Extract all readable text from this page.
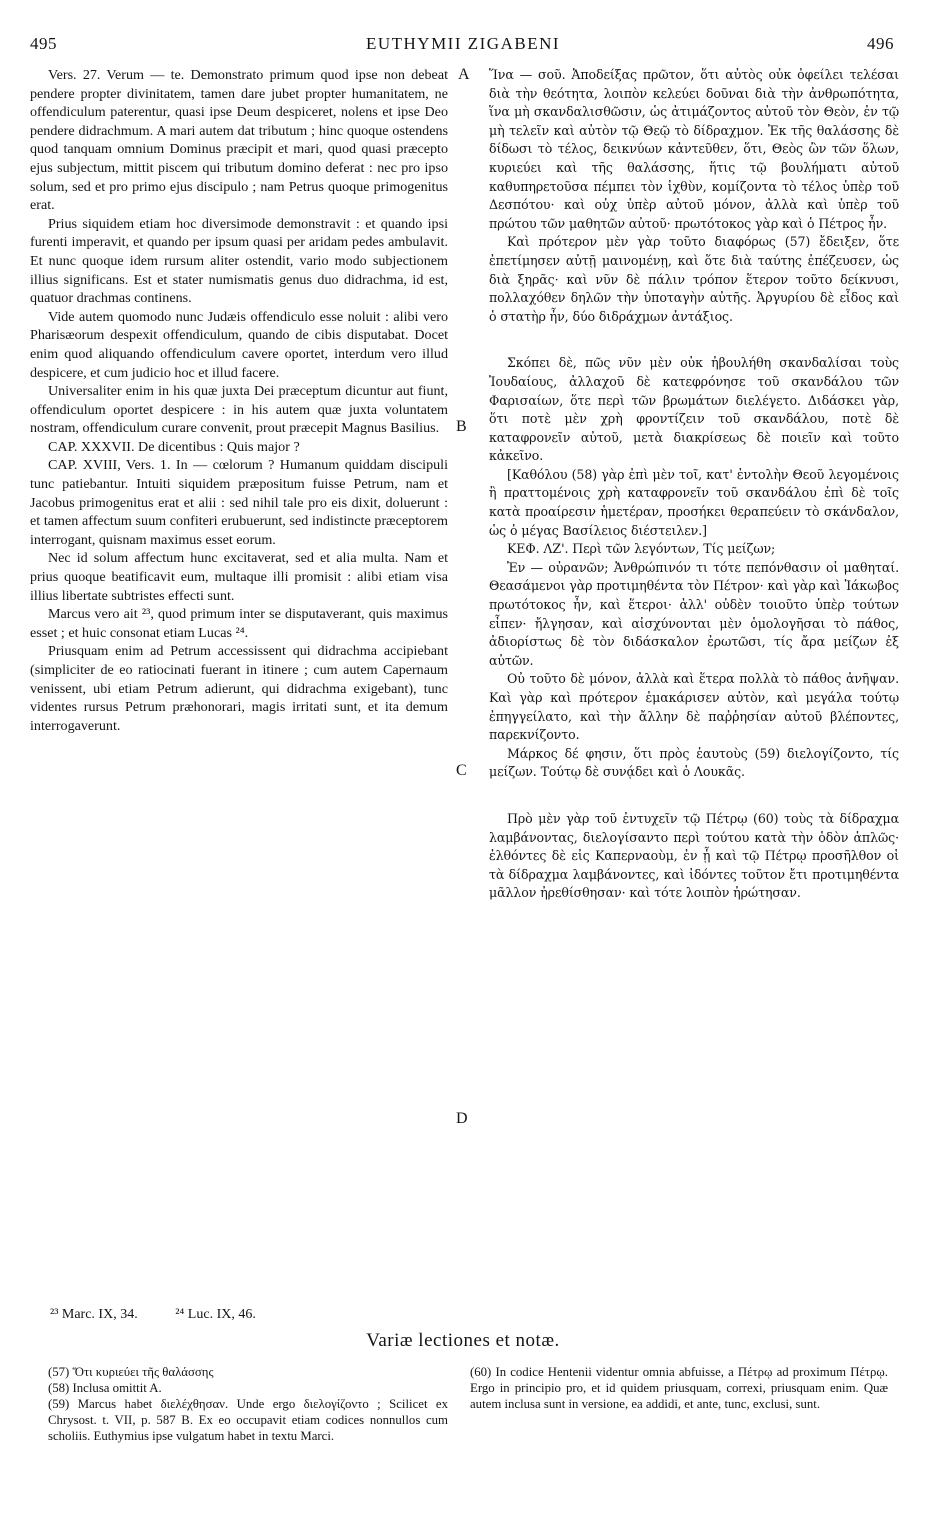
495	EUTHYMII ZIGABENI	496

Vers. 27. Verum — te. Demonstrato primum quod ipse non debeat pendere propter divinitatem, tamen dare jubet propter humanitatem, ne offendiculum paterentur, quasi ipse Deum despiceret, nolens et ipse Deo pendere didrachmum. A mari autem dat tributum ; hinc quoque ostendens quod tanquam omnium Dominus præcipit et mari, quod quasi præcepto ejus subjectum, mittit piscem qui tributum domino deferat : nec pro ipso solum, sed et pro primo ejus discipulo ; nam Petrus quoque primogenitus erat.

Prius siquidem etiam hoc diversimode demonstravit : et quando ipsi furenti imperavit, et quando per ipsum quasi per aridam pedes ambulavit. Et nunc quoque idem rursum aliter ostendit, vario modo subjectionem illius significans. Est et stater numismatis genus duo didrachma, id est, quatuor drachmas continens.

Vide autem quomodo nunc Judæis offendiculo esse noluit : alibi vero Pharisæorum despexit offendiculum, quando de cibis disputabat. Docet enim quod aliquando offendiculum cavere oportet, interdum vero illud despicere, et cum judicio hoc et illud facere.

Universaliter enim in his quæ juxta Dei præceptum dicuntur aut fiunt, offendiculum oportet despicere : in his autem quæ juxta voluntatem nostram, offendiculum curare convenit, prout præcepit Magnus Basilius.

CAP. XXXVII. De dicentibus : Quis major ?

CAP. XVIII, Vers. 1. In — cœlorum ? Humanum quiddam discipuli tunc patiebantur. Intuiti siquidem præpositum fuisse Petrum, nam et Jacobus primogenitus erat et alii : sed nihil tale pro eis dixit, doluerunt : et tamen affectum suum confiteri erubuerunt, sed indistincte præceptorem interrogant, quisnam maximus esset eorum.

Nec id solum affectum hunc excitaverat, sed et alia multa. Nam et prius quoque beatificavit eum, multaque illi promisit : alibi etiam visa illius libertate subtristes effecti sunt.

Marcus vero ait ²³, quod primum inter se disputaverant, quis maximus esset ; et huic consonat etiam Lucas ²⁴.

Priusquam enim ad Petrum accessissent qui didrachma accipiebant (simpliciter de eo ratiocinati fuerant in itinere ; cum autem Capernaum venissent, ubi etiam Petrum adierunt, qui didrachma exigebant), tunc videntes rursus Petrum præhonorari, magis irritati sunt, et ita demum interrogaverunt.

A
B
C
D

Ἵνα — σοῦ. Ἀποδείξας πρῶτον, ὅτι αὐτὸς οὐκ ὀφείλει τελέσαι διὰ τὴν θεότητα, λοιπὸν κελεύει δοῦναι διὰ τὴν ἀνθρωπότητα, ἵνα μὴ σκανδαλισθῶσιν, ὡς ἀτιμάζοντος αὐτοῦ τὸν Θεὸν, ἐν τῷ μὴ τελεῖν καὶ αὐτὸν τῷ Θεῷ τὸ δίδραχμον. Ἐκ τῆς θαλάσσης δὲ δίδωσι τὸ τέλος, δεικνύων κἀντεῦθεν, ὅτι, Θεὸς ὢν τῶν ὅλων, κυριεύει καὶ τῆς θαλάσσης, ἥτις τῷ βουλήματι αὐτοῦ καθυπηρετοῦσα πέμπει τὸν ἰχθὺν, κομίζοντα τὸ τέλος ὑπὲρ τοῦ Δεσπότου· καὶ οὐχ ὑπὲρ αὐτοῦ μόνον, ἀλλὰ καὶ ὑπὲρ τοῦ πρώτου τῶν μαθητῶν αὐτοῦ· πρωτότοκος γὰρ καὶ ὁ Πέτρος ἦν.

Καὶ πρότερον μὲν γὰρ τοῦτο διαφόρως (57) ἔδειξεν, ὅτε ἐπετίμησεν αὐτῇ μαινομένῃ, καὶ ὅτε διὰ ταύτης ἐπέζευσεν, ὡς διὰ ξηρᾶς· καὶ νῦν δὲ πάλιν τρόπον ἕτερον τοῦτο δείκνυσι, πολλαχόθεν δηλῶν τὴν ὑποταγὴν αὐτῆς. Ἀργυρίου δὲ εἶδος καὶ ὁ στατὴρ ἦν, δύο διδράχμων ἀντάξιος.

Σκόπει δὲ, πῶς νῦν μὲν οὐκ ἠβουλήθη σκανδαλίσαι τοὺς Ἰουδαίους, ἀλλαχοῦ δὲ κατεφρόνησε τοῦ σκανδάλου τῶν Φαρισαίων, ὅτε περὶ τῶν βρωμάτων διελέγετο. Διδάσκει γὰρ, ὅτι ποτὲ μὲν χρὴ φροντίζειν τοῦ σκανδάλου, ποτὲ δὲ καταφρονεῖν αὐτοῦ, μετὰ διακρίσεως δὲ ποιεῖν καὶ τοῦτο κἀκεῖνο.

[Καθόλου (58) γὰρ ἐπὶ μὲν τοῖ, κατ' ἐντολὴν Θεοῦ λεγομένοις ἢ πραττομένοις χρὴ καταφρονεῖν τοῦ σκανδάλου ἐπὶ δὲ τοῖς κατὰ προαίρεσιν ἡμετέραν, προσήκει θεραπεύειν τὸ σκάνδαλον, ὡς ὁ μέγας Βασίλειος διέστειλεν.]

ΚΕΦ. ΛΖ'. Περὶ τῶν λεγόντων, Τίς μείζων;

Ἐν — οὐρανῶν; Ἀνθρώπινόν τι τότε πεπόνθασιν οἱ μαθηταί. Θεασάμενοι γὰρ προτιμηθέντα τὸν Πέτρον· καὶ γὰρ καὶ Ἰάκωβος πρωτότοκος ἦν, καὶ ἕτεροι· ἀλλ' οὐδὲν τοιοῦτο ὑπὲρ τούτων εἶπεν· ἤλγησαν, καὶ αἰσχύνονται μὲν ὁμολογῆσαι τὸ πάθος, ἀδιορίστως δὲ τὸν διδάσκαλον ἐρωτῶσι, τίς ἄρα μείζων ἐξ αὐτῶν.

Οὐ τοῦτο δὲ μόνον, ἀλλὰ καὶ ἕτερα πολλὰ τὸ πάθος ἀνῆψαν. Καὶ γὰρ καὶ πρότερον ἐμακάρισεν αὐτὸν, καὶ μεγάλα τούτῳ ἐπηγγείλατο, καὶ τὴν ἄλλην δὲ παῤῥησίαν αὐτοῦ βλέποντες, παρεκνίζοντο.

Μάρκος δέ φησιν, ὅτι πρὸς ἑαυτοὺς (59) διελογίζοντο, τίς μείζων. Τούτῳ δὲ συνᾴδει καὶ ὁ Λουκᾶς.

Πρὸ μὲν γὰρ τοῦ ἐντυχεῖν τῷ Πέτρῳ (60) τοὺς τὰ δίδραχμα λαμβάνοντας, διελογίσαντο περὶ τούτου κατὰ τὴν ὁδὸν ἁπλῶς· ἐλθόντες δὲ εἰς Καπερναοὺμ, ἐν ᾗ καὶ τῷ Πέτρῳ προσῆλθον οἱ τὰ δίδραχμα λαμβάνοντες, καὶ ἰδόντες τοῦτον ἔτι προτιμηθέντα μᾶλλον ἠρεθίσθησαν· καὶ τότε λοιπὸν ἠρώτησαν.

²³ Marc. IX, 34.	²⁴ Luc. IX, 46.
Variæ lectiones et notæ.

(57) Ὅτι κυριεύει τῆς θαλάσσης

(58) Inclusa omittit A.

(59) Marcus habet διελέχθησαν. Unde ergo διελογίζοντο ; Scilicet ex Chrysost. t. VII, p. 587 B. Ex eo occupavit etiam codices nonnullos cum scholiis. Euthymius ipse vulgatum habet in textu Marci.

(60) In codice Hentenii videntur omnia abfuisse, a Πέτρῳ ad proximum Πέτρῳ. Ergo in principio pro, et id quidem priusquam, correxi, priusquam enim. Quæ autem inclusa sunt in versione, ea addidi, et ante, tunc, exclusi, sunt.
